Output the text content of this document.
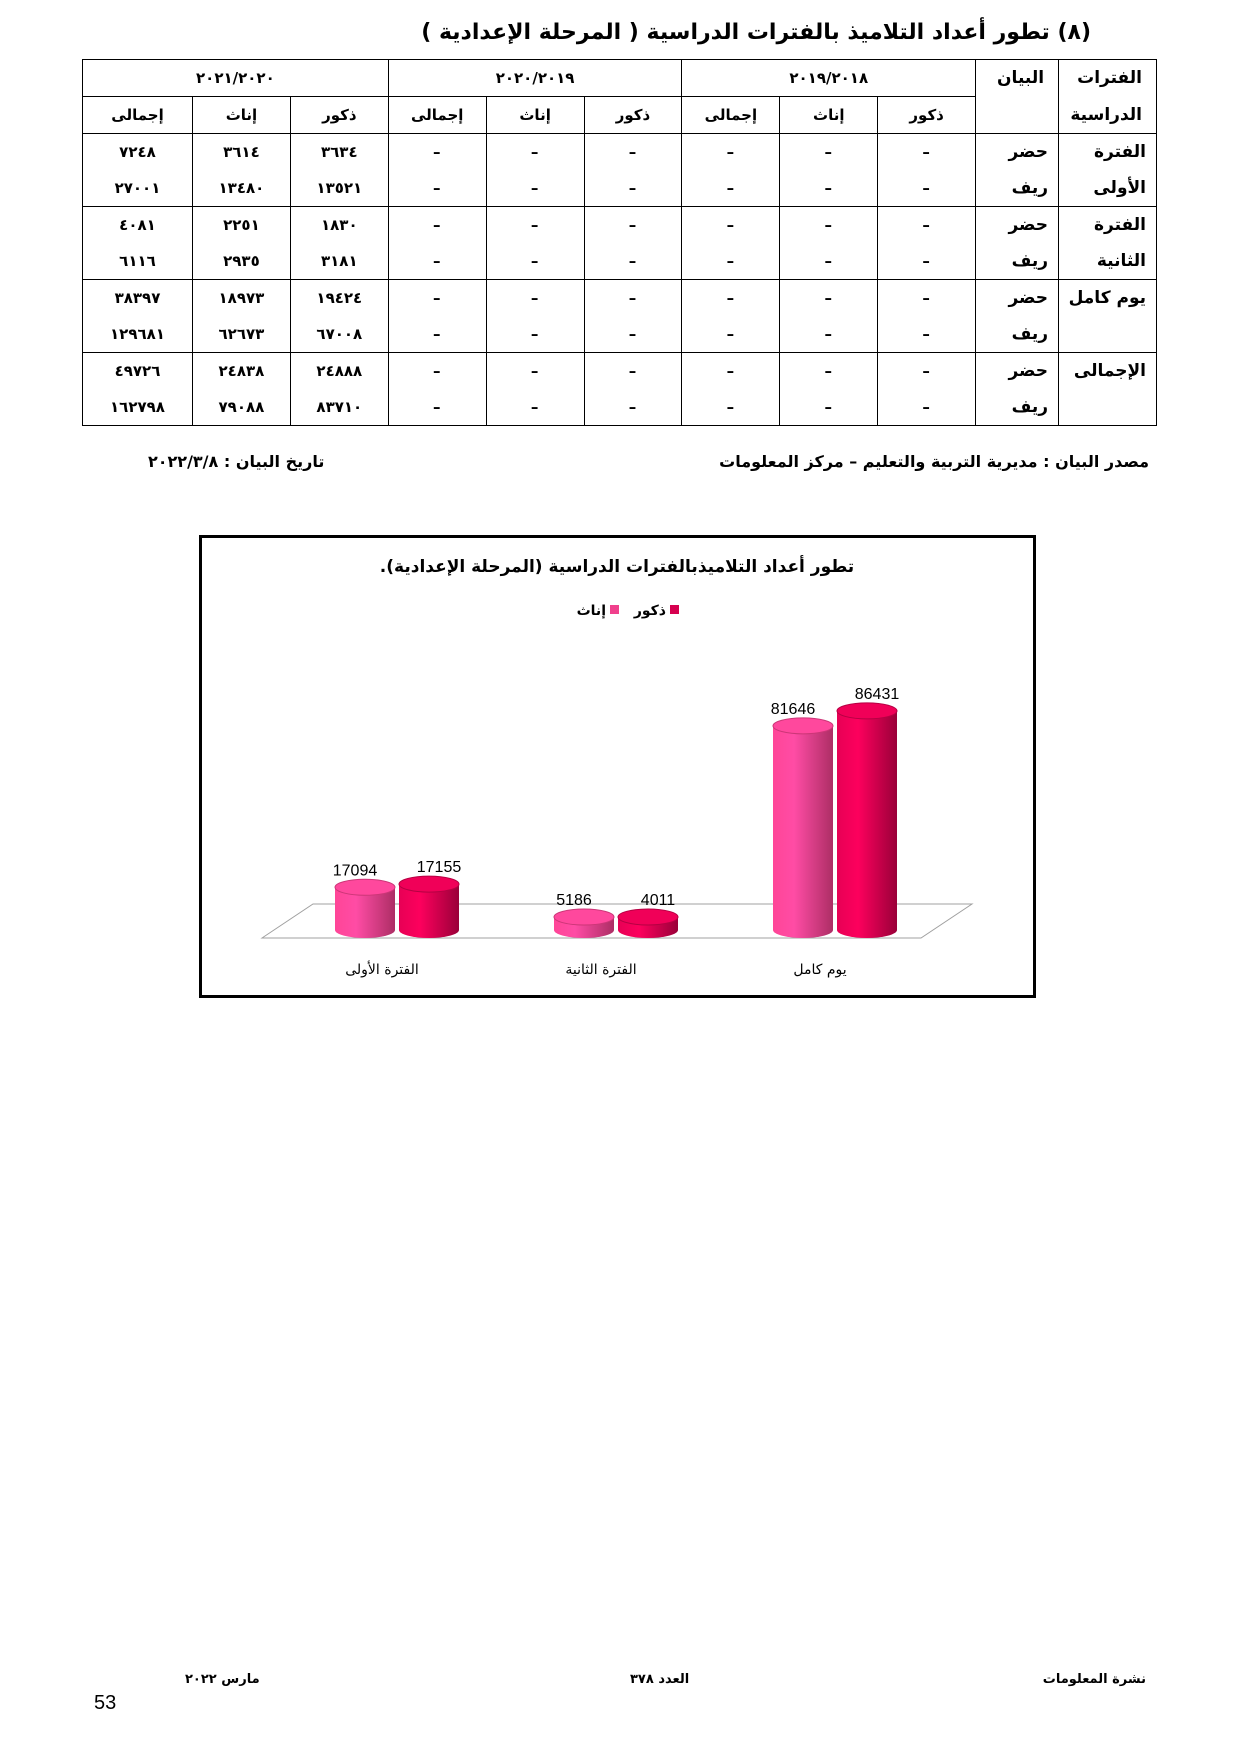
(٨) تطور أعداد التلاميذ بالفترات الدراسية ( المرحلة الإعدادية )
الفترات	البيان	٢٠١٩/٢٠١٨			٢٠٢٠/٢٠١٩			٢٠٢١/٢٠٢٠		
الدراسية		ذكور	إناث	إجمالى	ذكور	إناث	إجمالى	ذكور	إناث	إجمالى
الفترة	حضر	–	–	–	–	–	–	٣٦٣٤	٣٦١٤	٧٢٤٨
الأولى	ريف	–	–	–	–	–	–	١٣٥٢١	١٣٤٨٠	٢٧٠٠١
الفترة	حضر	–	–	–	–	–	–	١٨٣٠	٢٢٥١	٤٠٨١
الثانية	ريف	–	–	–	–	–	–	٣١٨١	٢٩٣٥	٦١١٦
يوم كامل	حضر	–	–	–	–	–	–	١٩٤٢٤	١٨٩٧٣	٣٨٣٩٧
	ريف	–	–	–	–	–	–	٦٧٠٠٨	٦٢٦٧٣	١٢٩٦٨١
الإجمالى	حضر	–	–	–	–	–	–	٢٤٨٨٨	٢٤٨٣٨	٤٩٧٢٦
	ريف	–	–	–	–	–	–	٨٣٧١٠	٧٩٠٨٨	١٦٢٧٩٨
مصدر البيان : مديرية التربية والتعليم – مركز المعلومات
تاريخ البيان : ٢٠٢٢/٣/٨
تطور أعداد التلاميذبالفترات الدراسية (المرحلة الإعدادية).
ذكور
إناث
17094 17155
الفترة الأولى
5186	4011
الفترة الثانية
81646
86431
يوم كامل
نشرة المعلومات
العدد ٣٧٨
مارس ٢٠٢٢
53
